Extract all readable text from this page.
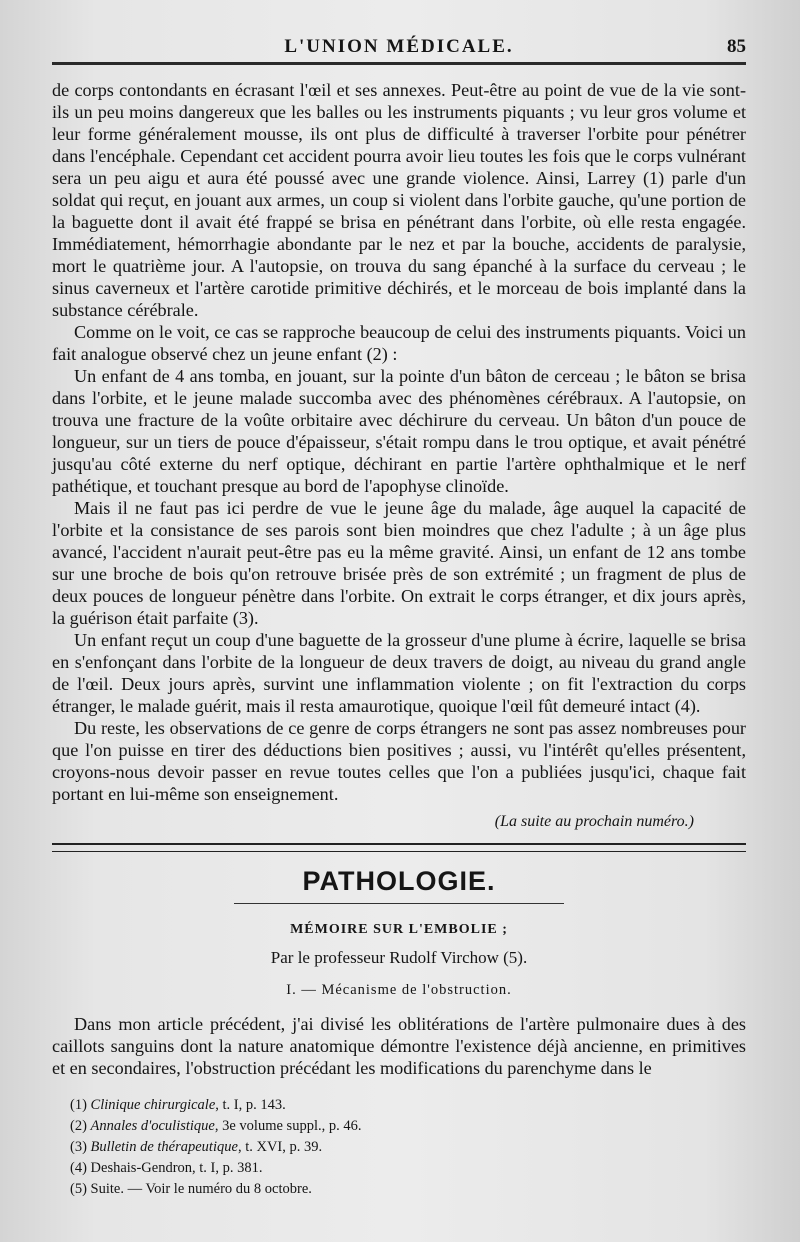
L'UNION MÉDICALE.	85

de corps contondants en écrasant l'œil et ses annexes. Peut-être au point de vue de la vie sont-ils un peu moins dangereux que les balles ou les instruments piquants ; vu leur gros volume et leur forme généralement mousse, ils ont plus de difficulté à traverser l'orbite pour pénétrer dans l'encéphale. Cependant cet accident pourra avoir lieu toutes les fois que le corps vulnérant sera un peu aigu et aura été poussé avec une grande violence. Ainsi, Larrey (1) parle d'un soldat qui reçut, en jouant aux armes, un coup si violent dans l'orbite gauche, qu'une portion de la baguette dont il avait été frappé se brisa en pénétrant dans l'orbite, où elle resta engagée. Immédiatement, hémorrhagie abondante par le nez et par la bouche, accidents de paralysie, mort le quatrième jour. A l'autopsie, on trouva du sang épanché à la surface du cerveau ; le sinus caverneux et l'artère carotide primitive déchirés, et le morceau de bois implanté dans la substance cérébrale.

Comme on le voit, ce cas se rapproche beaucoup de celui des instruments piquants. Voici un fait analogue observé chez un jeune enfant (2) :

Un enfant de 4 ans tomba, en jouant, sur la pointe d'un bâton de cerceau ; le bâton se brisa dans l'orbite, et le jeune malade succomba avec des phénomènes cérébraux. A l'autopsie, on trouva une fracture de la voûte orbitaire avec déchirure du cerveau. Un bâton d'un pouce de longueur, sur un tiers de pouce d'épaisseur, s'était rompu dans le trou optique, et avait pénétré jusqu'au côté externe du nerf optique, déchirant en partie l'artère ophthalmique et le nerf pathétique, et touchant presque au bord de l'apophyse clinoïde.

Mais il ne faut pas ici perdre de vue le jeune âge du malade, âge auquel la capacité de l'orbite et la consistance de ses parois sont bien moindres que chez l'adulte ; à un âge plus avancé, l'accident n'aurait peut-être pas eu la même gravité. Ainsi, un enfant de 12 ans tombe sur une broche de bois qu'on retrouve brisée près de son extrémité ; un fragment de plus de deux pouces de longueur pénètre dans l'orbite. On extrait le corps étranger, et dix jours après, la guérison était parfaite (3).

Un enfant reçut un coup d'une baguette de la grosseur d'une plume à écrire, laquelle se brisa en s'enfonçant dans l'orbite de la longueur de deux travers de doigt, au niveau du grand angle de l'œil. Deux jours après, survint une inflammation violente ; on fit l'extraction du corps étranger, le malade guérit, mais il resta amaurotique, quoique l'œil fût demeuré intact (4).

Du reste, les observations de ce genre de corps étrangers ne sont pas assez nombreuses pour que l'on puisse en tirer des déductions bien positives ; aussi, vu l'intérêt qu'elles présentent, croyons-nous devoir passer en revue toutes celles que l'on a publiées jusqu'ici, chaque fait portant en lui-même son enseignement.

(La suite au prochain numéro.)
PATHOLOGIE.
MÉMOIRE SUR L'EMBOLIE ;
Par le professeur Rudolf Virchow (5).
I. — Mécanisme de l'obstruction.

Dans mon article précédent, j'ai divisé les oblitérations de l'artère pulmonaire dues à des caillots sanguins dont la nature anatomique démontre l'existence déjà ancienne, en primitives et en secondaires, l'obstruction précédant les modifications du parenchyme dans le

(1) Clinique chirurgicale, t. I, p. 143.
(2) Annales d'oculistique, 3e volume suppl., p. 46.
(3) Bulletin de thérapeutique, t. XVI, p. 39.
(4) Deshais-Gendron, t. I, p. 381.
(5) Suite. — Voir le numéro du 8 octobre.
